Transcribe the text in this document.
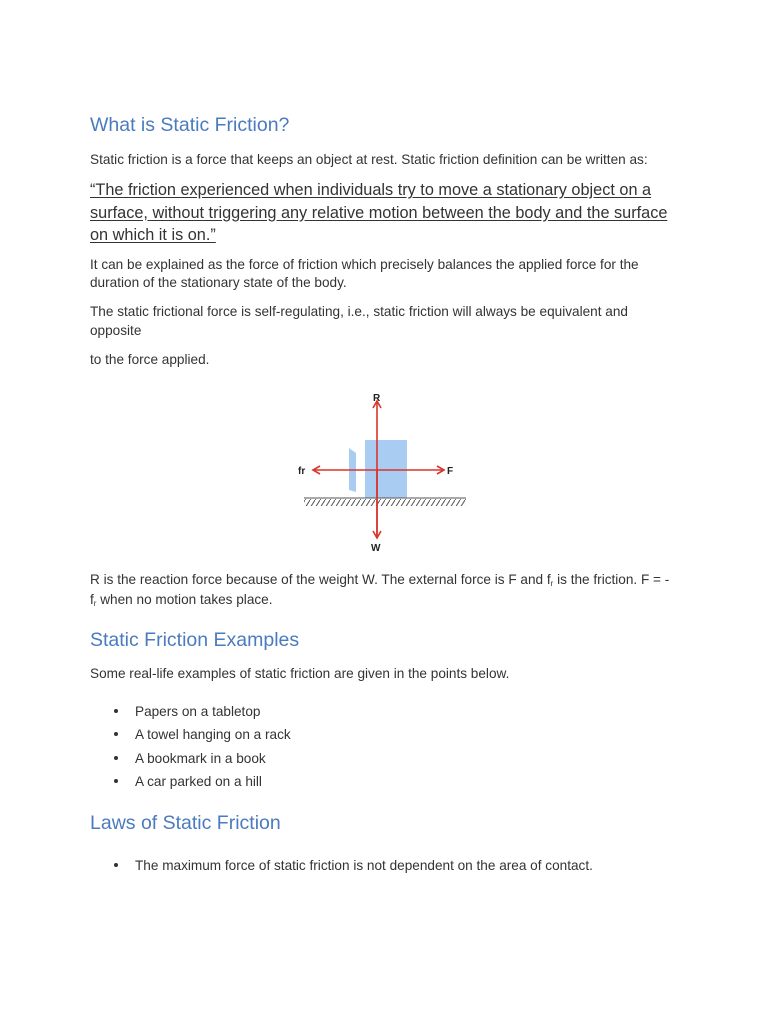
What is Static Friction?

Static friction is a force that keeps an object at rest. Static friction definition can be written as:

“The friction experienced when individuals try to move a stationary object on a

surface, without triggering any relative motion between the body and the surface

on which it is on.”

It can be explained as the force of friction which precisely balances the applied force for the

duration of the stationary state of the body.

The static frictional force is self-regulating, i.e., static friction will always be equivalent and

opposite

to the force applied.

R is the reaction force because of the weight W. The external force is F and $f_r$ is the friction. F = -

$f_r$ when no motion takes place.

Static Friction Examples

Some real-life examples of static friction are given in the points below.

Papers on a tabletop
A towel hanging on a rack
A bookmark in a book
A car parked on a hill
Laws of Static Friction
The maximum force of static friction is not dependent on the area of contact.
R
W
F
fr
